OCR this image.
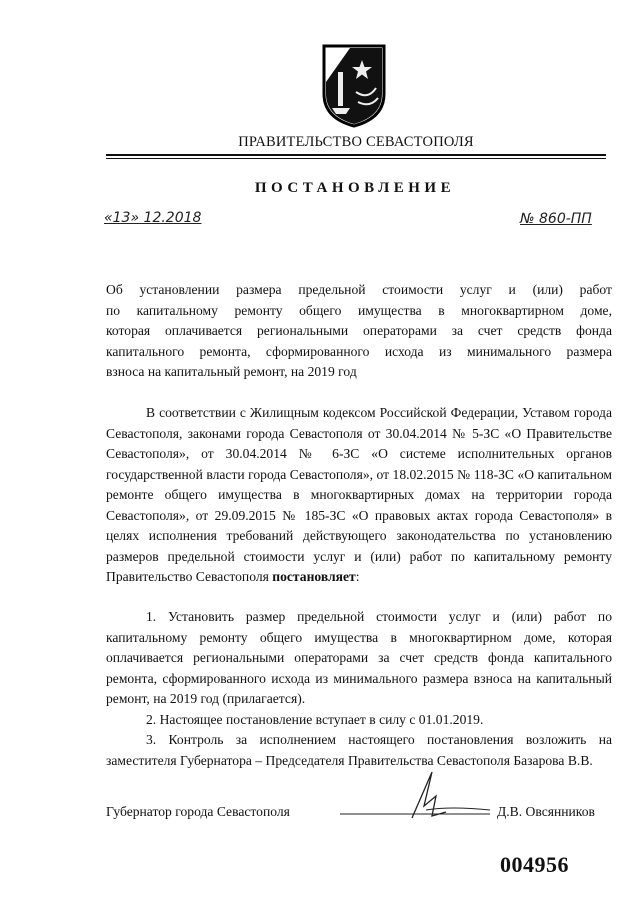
ПРАВИТЕЛЬСТВО СЕВАСТОПОЛЯ
ПОСТАНОВЛЕНИЕ
«13» 12.2018	№ 860-ПП

Об установлении размера предельной стоимости услуг и (или) работ

по капитальному ремонту общего имущества в многоквартирном доме,

которая оплачивается региональными операторами за счет средств фонда

капитального ремонта, сформированного исхода из минимального размера

взноса на капитальный ремонт, на 2019 год

В соответствии с Жилищным кодексом Российской Федерации, Уставом города Севастополя, законами города Севастополя от 30.04.2014 № 5-ЗС «О Правительстве Севастополя», от 30.04.2014 № 6-ЗС «О системе исполнительных органов государственной власти города Севастополя», от 18.02.2015 № 118-ЗС «О капитальном ремонте общего имущества в многоквартирных домах на территории города Севастополя», от 29.09.2015 № 185-ЗС «О правовых актах города Севастополя» в целях исполнения требований действующего законодательства по установлению размеров предельной стоимости услуг и (или) работ по капитальному ремонту Правительство Севастополя постановляет:

1. Установить размер предельной стоимости услуг и (или) работ по капитальному ремонту общего имущества в многоквартирном доме, которая оплачивается региональными операторами за счет средств фонда капитального ремонта, сформированного исхода из минимального размера взноса на капитальный ремонт, на 2019 год (прилагается).

2. Настоящее постановление вступает в силу с 01.01.2019.

3. Контроль за исполнением настоящего постановления возложить на заместителя Губернатора – Председателя Правительства Севастополя Базарова В.В.

Губернатор города Севастополя	Д.В. Овсянников
004956
